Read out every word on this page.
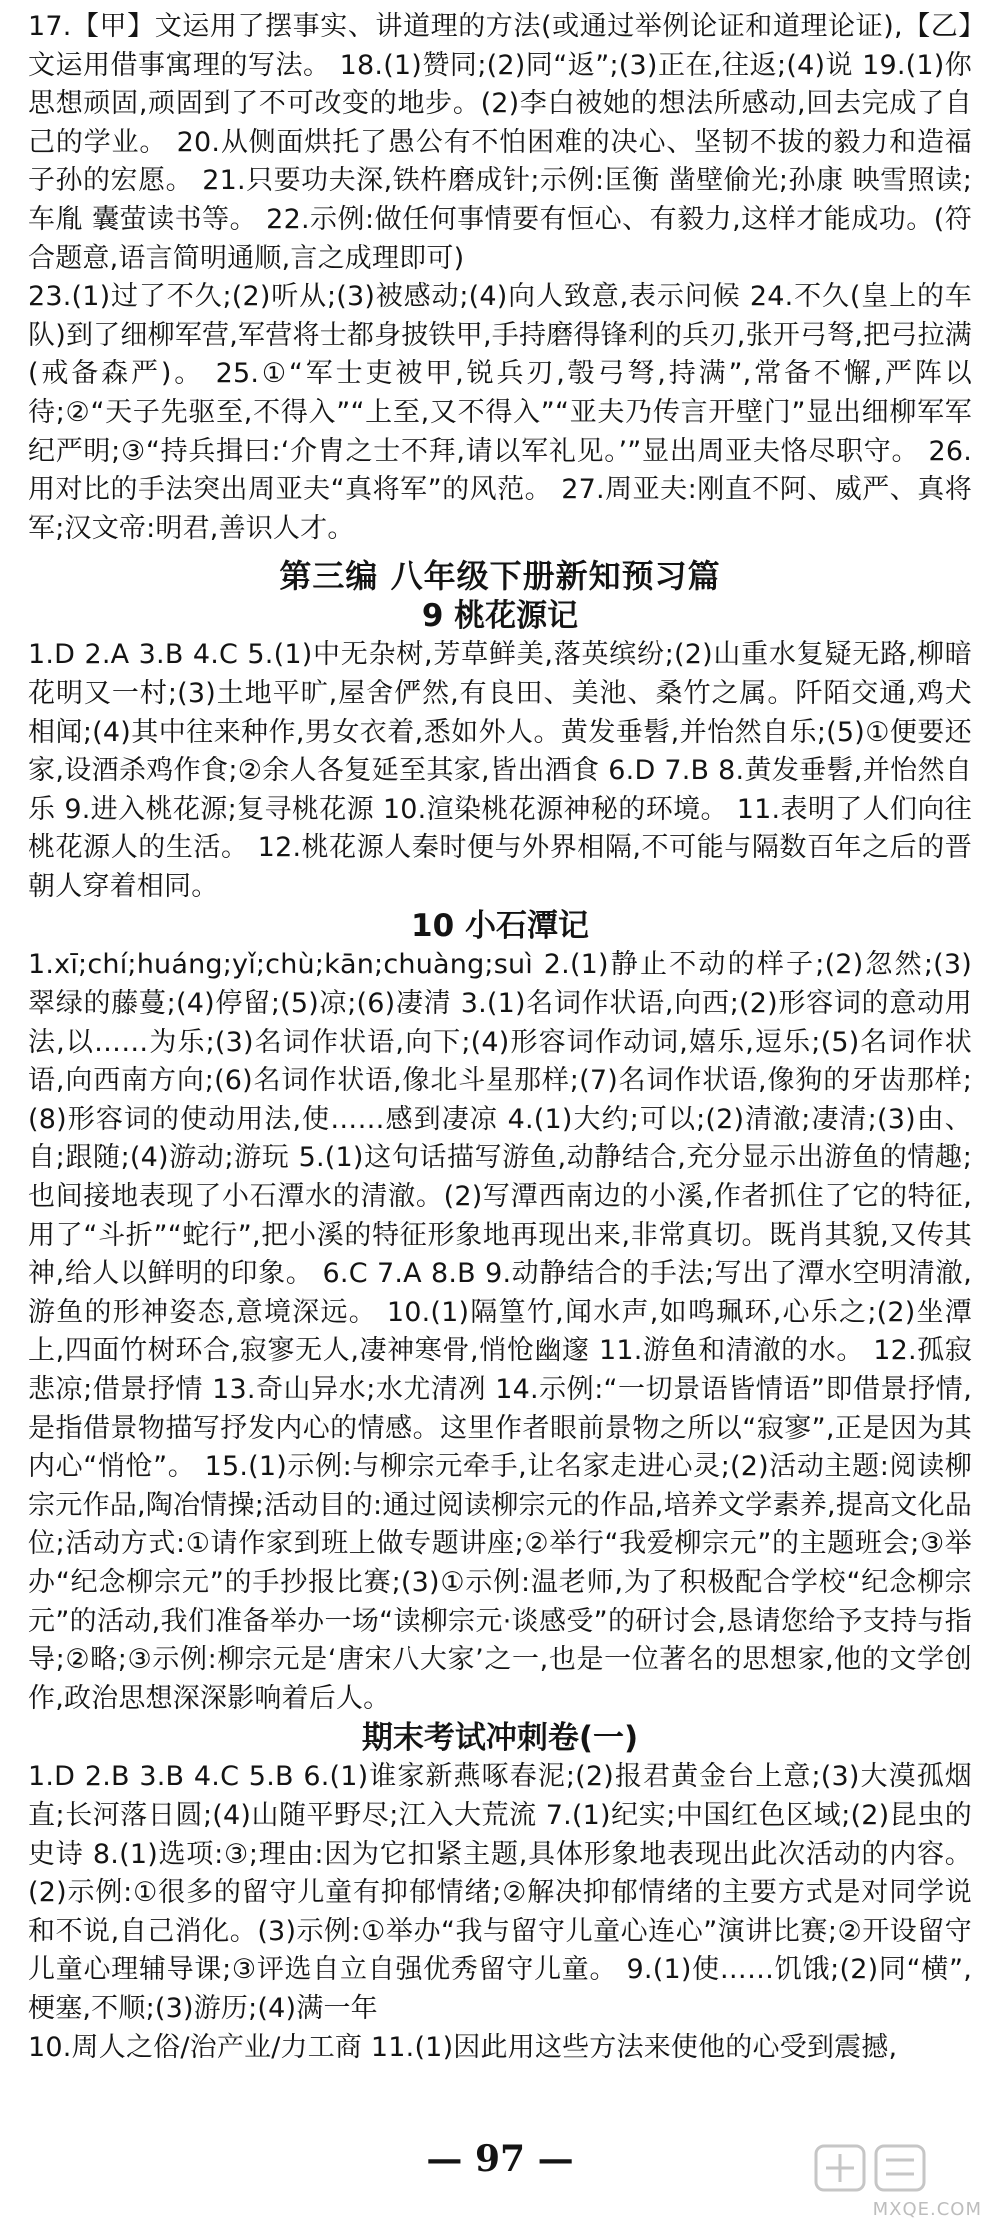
17.【甲】文运用了摆事实、讲道理的方法(或通过举例论证和道理论证),【乙】文运用借事寓理的写法。 18.(1)赞同;(2)同“返”;(3)正在,往返;(4)说 19.(1)你思想顽固,顽固到了不可改变的地步。(2)李白被她的想法所感动,回去完成了自己的学业。 20.从侧面烘托了愚公有不怕困难的决心、坚韧不拔的毅力和造福子孙的宏愿。 21.只要功夫深,铁杵磨成针;示例:匡衡 凿壁偷光;孙康 映雪照读;车胤 囊萤读书等。 22.示例:做任何事情要有恒心、有毅力,这样才能成功。(符合题意,语言简明通顺,言之成理即可)

23.(1)过了不久;(2)听从;(3)被感动;(4)向人致意,表示问候 24.不久(皇上的车队)到了细柳军营,军营将士都身披铁甲,手持磨得锋利的兵刃,张开弓弩,把弓拉满(戒备森严)。 25.①“军士吏被甲,锐兵刃,彀弓弩,持满”,常备不懈,严阵以待;②“天子先驱至,不得入”“上至,又不得入”“亚夫乃传言开壁门”显出细柳军军纪严明;③“持兵揖曰:‘介胄之士不拜,请以军礼见。’”显出周亚夫恪尽职守。 26.用对比的手法突出周亚夫“真将军”的风范。 27.周亚夫:刚直不阿、威严、真将军;汉文帝:明君,善识人才。

第三编 八年级下册新知预习篇
9 桃花源记

1.D 2.A 3.B 4.C 5.(1)中无杂树,芳草鲜美,落英缤纷;(2)山重水复疑无路,柳暗花明又一村;(3)土地平旷,屋舍俨然,有良田、美池、桑竹之属。阡陌交通,鸡犬相闻;(4)其中往来种作,男女衣着,悉如外人。黄发垂髫,并怡然自乐;(5)①便要还家,设酒杀鸡作食;②余人各复延至其家,皆出酒食 6.D 7.B 8.黄发垂髫,并怡然自乐 9.进入桃花源;复寻桃花源 10.渲染桃花源神秘的环境。 11.表明了人们向往桃花源人的生活。 12.桃花源人秦时便与外界相隔,不可能与隔数百年之后的晋朝人穿着相同。

10 小石潭记

1.xī;chí;huáng;yǐ;chù;kān;chuàng;suì 2.(1)静止不动的样子;(2)忽然;(3)翠绿的藤蔓;(4)停留;(5)凉;(6)凄清 3.(1)名词作状语,向西;(2)形容词的意动用法,以……为乐;(3)名词作状语,向下;(4)形容词作动词,嬉乐,逗乐;(5)名词作状语,向西南方向;(6)名词作状语,像北斗星那样;(7)名词作状语,像狗的牙齿那样;(8)形容词的使动用法,使……感到凄凉 4.(1)大约;可以;(2)清澈;凄清;(3)由、自;跟随;(4)游动;游玩 5.(1)这句话描写游鱼,动静结合,充分显示出游鱼的情趣;也间接地表现了小石潭水的清澈。(2)写潭西南边的小溪,作者抓住了它的特征,用了“斗折”“蛇行”,把小溪的特征形象地再现出来,非常真切。既肖其貌,又传其神,给人以鲜明的印象。 6.C 7.A 8.B 9.动静结合的手法;写出了潭水空明清澈,游鱼的形神姿态,意境深远。 10.(1)隔篁竹,闻水声,如鸣珮环,心乐之;(2)坐潭上,四面竹树环合,寂寥无人,凄神寒骨,悄怆幽邃 11.游鱼和清澈的水。 12.孤寂悲凉;借景抒情 13.奇山异水;水尤清冽 14.示例:“一切景语皆情语”即借景抒情,是指借景物描写抒发内心的情感。这里作者眼前景物之所以“寂寥”,正是因为其内心“悄怆”。 15.(1)示例:与柳宗元牵手,让名家走进心灵;(2)活动主题:阅读柳宗元作品,陶冶情操;活动目的:通过阅读柳宗元的作品,培养文学素养,提高文化品位;活动方式:①请作家到班上做专题讲座;②举行“我爱柳宗元”的主题班会;③举办“纪念柳宗元”的手抄报比赛;(3)①示例:温老师,为了积极配合学校“纪念柳宗元”的活动,我们准备举办一场“读柳宗元·谈感受”的研讨会,恳请您给予支持与指导;②略;③示例:柳宗元是‘唐宋八大家’之一,也是一位著名的思想家,他的文学创作,政治思想深深影响着后人。

期末考试冲刺卷(一)

1.D 2.B 3.B 4.C 5.B 6.(1)谁家新燕啄春泥;(2)报君黄金台上意;(3)大漠孤烟直;长河落日圆;(4)山随平野尽;江入大荒流 7.(1)纪实;中国红色区域;(2)昆虫的史诗 8.(1)选项:③;理由:因为它扣紧主题,具体形象地表现出此次活动的内容。(2)示例:①很多的留守儿童有抑郁情绪;②解决抑郁情绪的主要方式是对同学说和不说,自己消化。(3)示例:①举办“我与留守儿童心连心”演讲比赛;②开设留守儿童心理辅导课;③评选自立自强优秀留守儿童。 9.(1)使……饥饿;(2)同“横”,梗塞,不顺;(3)游历;(4)满一年

10.周人之俗/治产业/力工商 11.(1)因此用这些方法来使他的心受到震撼,

— 97 —
MXQE.COM
